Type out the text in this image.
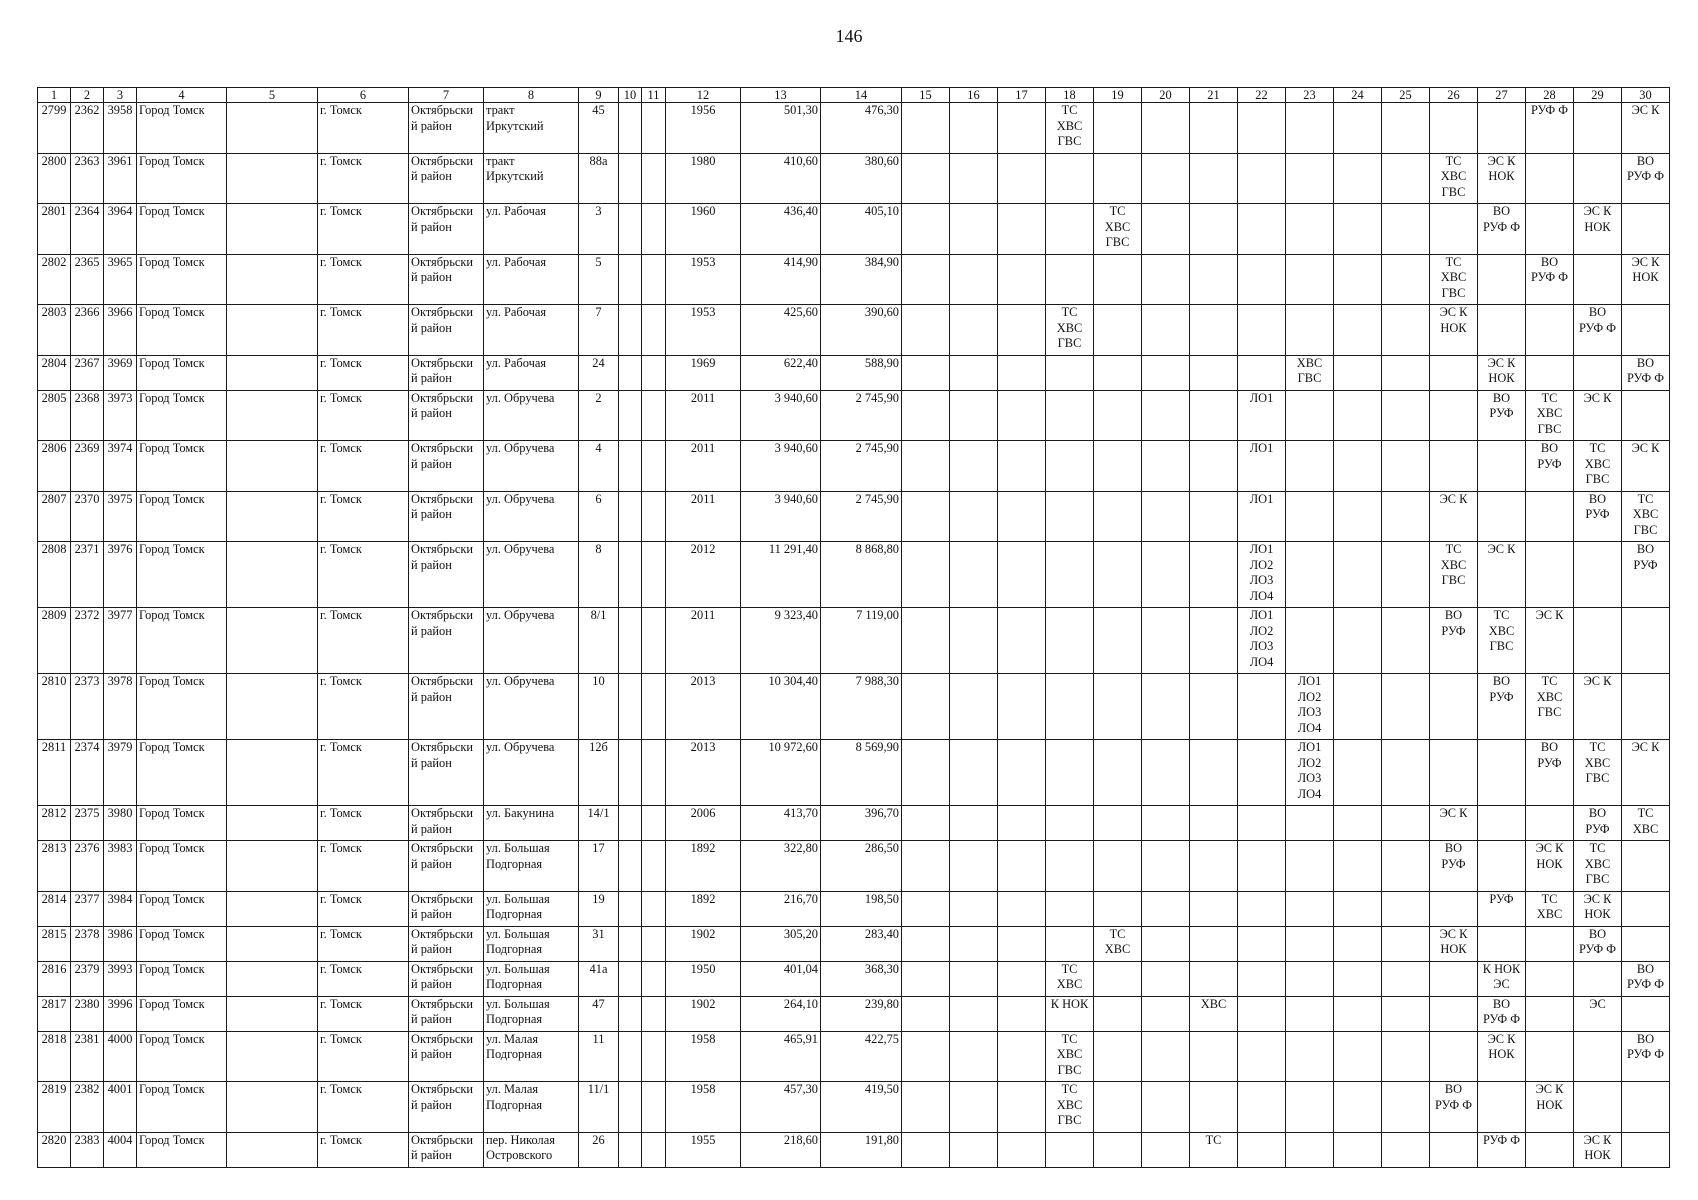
146
1	2	3	4	5	6	7	8	9	10	11	12	13	14	15	16	17	18	19	20	21	22	23	24	25	26	27	28	29	30
2799	2362	3958	Город Томск		г. Томск	Октябрьски
й район	тракт
Иркутский	45			1956	501,30	476,30				ТС
ХВС
ГВС										РУФ Ф		ЭС К
2800	2363	3961	Город Томск		г. Томск	Октябрьски
й район	тракт
Иркутский	88а			1980	410,60	380,60												ТС
ХВС
ГВС	ЭС К
НОК			ВО
РУФ Ф
2801	2364	3964	Город Томск		г. Томск	Октябрьски
й район	ул. Рабочая	3			1960	436,40	405,10					ТС
ХВС
ГВС								ВО
РУФ Ф		ЭС К
НОК	
2802	2365	3965	Город Томск		г. Томск	Октябрьски
й район	ул. Рабочая	5			1953	414,90	384,90												ТС
ХВС
ГВС		ВО
РУФ Ф		ЭС К
НОК
2803	2366	3966	Город Томск		г. Томск	Октябрьски
й район	ул. Рабочая	7			1953	425,60	390,60				ТС
ХВС
ГВС								ЭС К
НОК			ВО
РУФ Ф	
2804	2367	3969	Город Томск		г. Томск	Октябрьски
й район	ул. Рабочая	24			1969	622,40	588,90									ХВС
ГВС				ЭС К
НОК			ВО
РУФ Ф
2805	2368	3973	Город Томск		г. Томск	Октябрьски
й район	ул. Обручева	2			2011	3 940,60	2 745,90								ЛО1					ВО
РУФ	ТС
ХВС
ГВС	ЭС К	
2806	2369	3974	Город Томск		г. Томск	Октябрьски
й район	ул. Обручева	4			2011	3 940,60	2 745,90								ЛО1						ВО
РУФ	ТС
ХВС
ГВС	ЭС К
2807	2370	3975	Город Томск		г. Томск	Октябрьски
й район	ул. Обручева	6			2011	3 940,60	2 745,90								ЛО1				ЭС К			ВО
РУФ	ТС
ХВС
ГВС
2808	2371	3976	Город Томск		г. Томск	Октябрьски
й район	ул. Обручева	8			2012	11 291,40	8 868,80								ЛО1
ЛО2
ЛО3
ЛО4				ТС
ХВС
ГВС	ЭС К			ВО
РУФ
2809	2372	3977	Город Томск		г. Томск	Октябрьски
й район	ул. Обручева	8/1			2011	9 323,40	7 119,00								ЛО1
ЛО2
ЛО3
ЛО4				ВО
РУФ	ТС
ХВС
ГВС	ЭС К		
2810	2373	3978	Город Томск		г. Томск	Октябрьски
й район	ул. Обручева	10			2013	10 304,40	7 988,30									ЛО1
ЛО2
ЛО3
ЛО4				ВО
РУФ	ТС
ХВС
ГВС	ЭС К	
2811	2374	3979	Город Томск		г. Томск	Октябрьски
й район	ул. Обручева	12б			2013	10 972,60	8 569,90									ЛО1
ЛО2
ЛО3
ЛО4					ВО
РУФ	ТС
ХВС
ГВС	ЭС К
2812	2375	3980	Город Томск		г. Томск	Октябрьски
й район	ул. Бакунина	14/1			2006	413,70	396,70												ЭС К			ВО
РУФ	ТС
ХВС
2813	2376	3983	Город Томск		г. Томск	Октябрьски
й район	ул. Большая
Подгорная	17			1892	322,80	286,50												ВО
РУФ		ЭС К
НОК	ТС
ХВС
ГВС	
2814	2377	3984	Город Томск		г. Томск	Октябрьски
й район	ул. Большая
Подгорная	19			1892	216,70	198,50													РУФ	ТС
ХВС	ЭС К
НОК	
2815	2378	3986	Город Томск		г. Томск	Октябрьски
й район	ул. Большая
Подгорная	31			1902	305,20	283,40					ТС
ХВС							ЭС К
НОК			ВО
РУФ Ф	
2816	2379	3993	Город Томск		г. Томск	Октябрьски
й район	ул. Большая
Подгорная	41а			1950	401,04	368,30				ТС
ХВС									К НОК
ЭС			ВО
РУФ Ф
2817	2380	3996	Город Томск		г. Томск	Октябрьски
й район	ул. Большая
Подгорная	47			1902	264,10	239,80				К НОК			ХВС						ВО
РУФ Ф		ЭС	
2818	2381	4000	Город Томск		г. Томск	Октябрьски
й район	ул. Малая
Подгорная	11			1958	465,91	422,75				ТС
ХВС
ГВС									ЭС К
НОК			ВО
РУФ Ф
2819	2382	4001	Город Томск		г. Томск	Октябрьски
й район	ул. Малая
Подгорная	11/1			1958	457,30	419,50				ТС
ХВС
ГВС								ВО
РУФ Ф		ЭС К
НОК		
2820	2383	4004	Город Томск		г. Томск	Октябрьски
й район	пер. Николая
Островского	26			1955	218,60	191,80							ТС						РУФ Ф		ЭС К
НОК	
